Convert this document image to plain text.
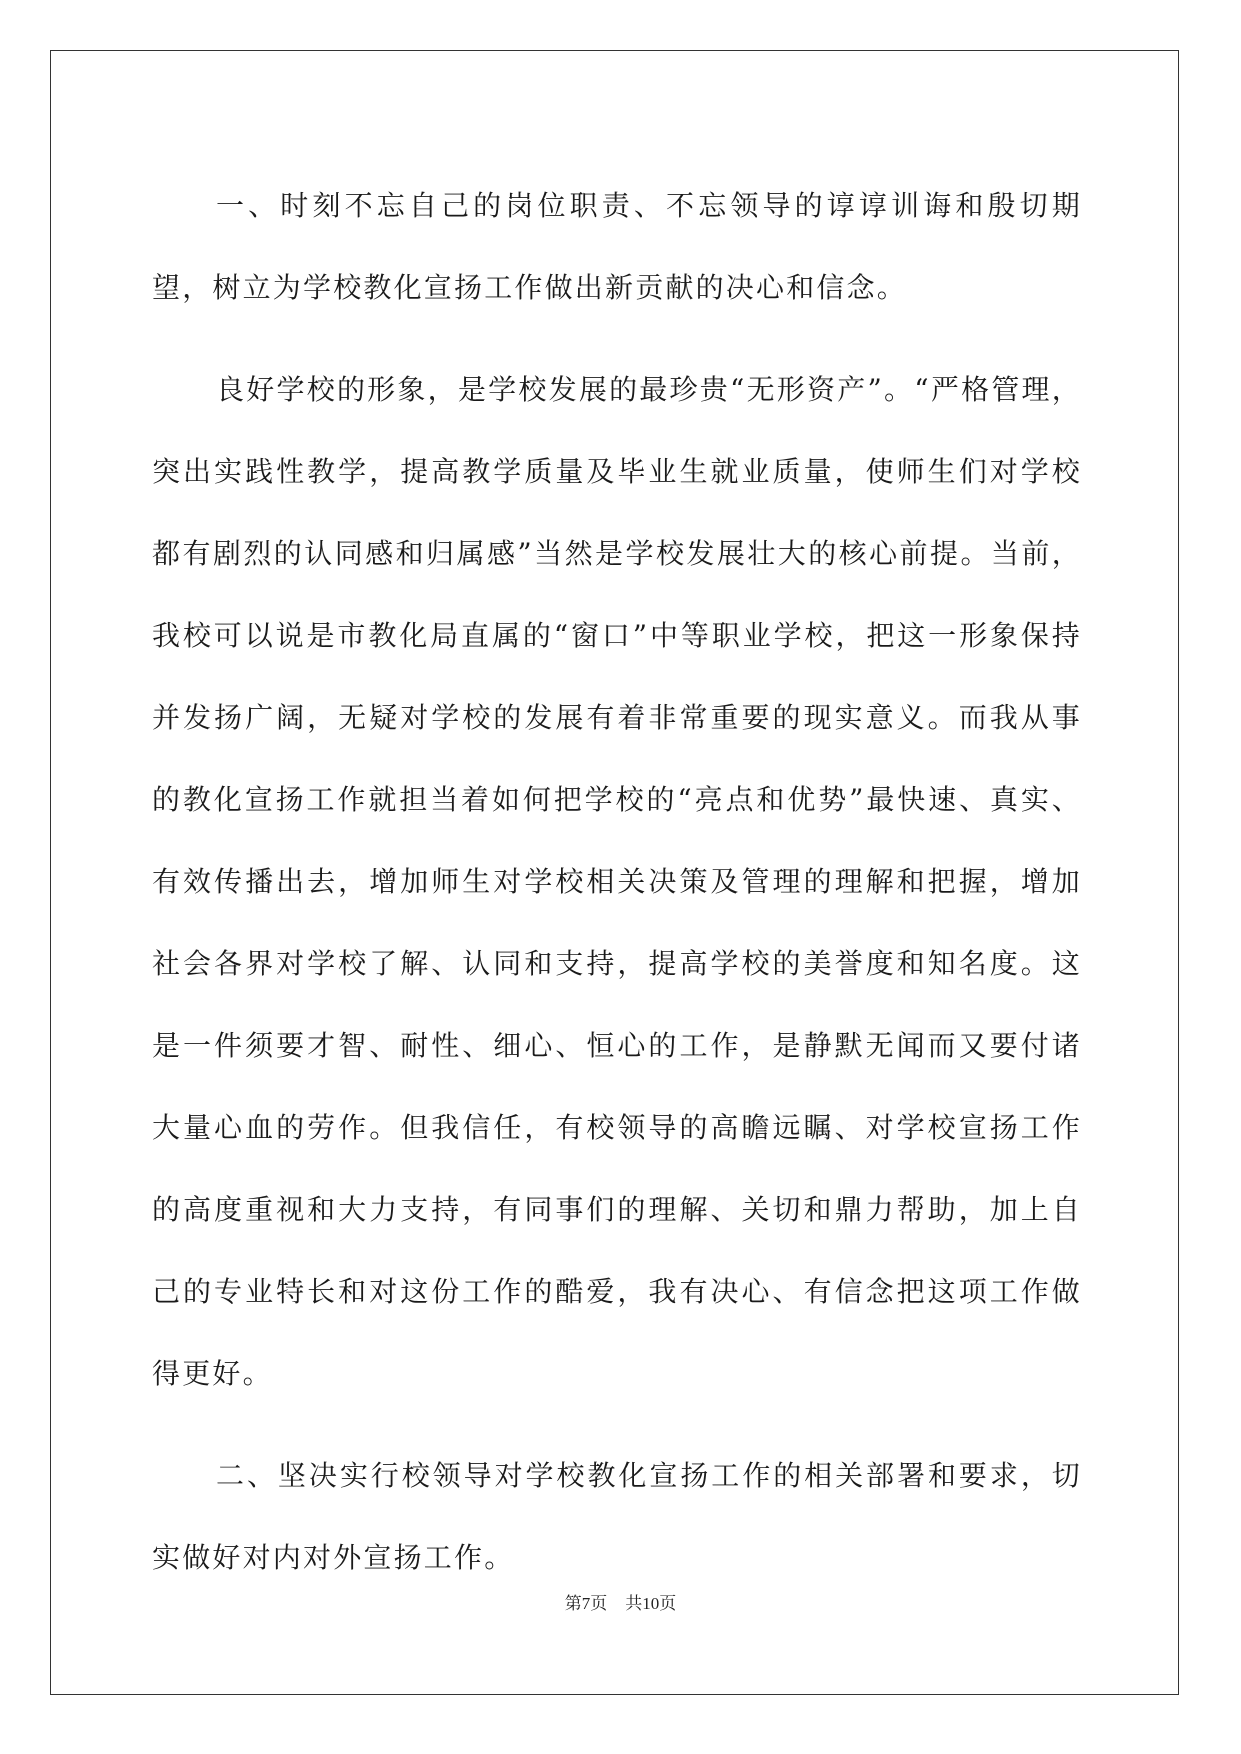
一、时刻不忘自己的岗位职责、不忘领导的谆谆训诲和殷切期望，树立为学校教化宣扬工作做出新贡献的决心和信念。

良好学校的形象，是学校发展的最珍贵“无形资产”。“严格管理，突出实践性教学，提高教学质量及毕业生就业质量，使师生们对学校都有剧烈的认同感和归属感”当然是学校发展壮大的核心前提。当前，我校可以说是市教化局直属的“窗口”中等职业学校，把这一形象保持并发扬广阔，无疑对学校的发展有着非常重要的现实意义。而我从事的教化宣扬工作就担当着如何把学校的“亮点和优势”最快速、真实、有效传播出去，增加师生对学校相关决策及管理的理解和把握，增加社会各界对学校了解、认同和支持，提高学校的美誉度和知名度。这是一件须要才智、耐性、细心、恒心的工作，是静默无闻而又要付诸大量心血的劳作。但我信任，有校领导的高瞻远瞩、对学校宣扬工作的高度重视和大力支持，有同事们的理解、关切和鼎力帮助，加上自己的专业特长和对这份工作的酷爱，我有决心、有信念把这项工作做得更好。

二、坚决实行校领导对学校教化宣扬工作的相关部署和要求，切实做好对内对外宣扬工作。

第7页 共10页
